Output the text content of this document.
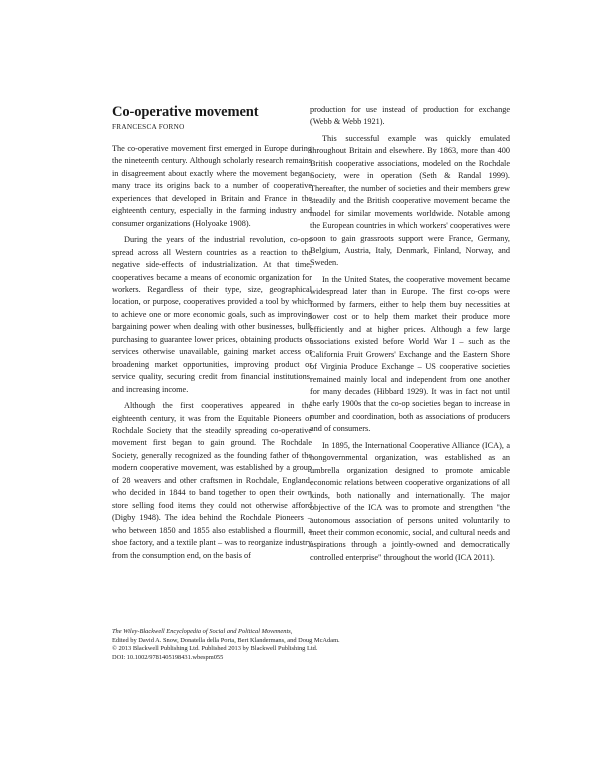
Co-operative movement
FRANCESCA FORNO

The co-operative movement first emerged in Europe during the nineteenth century. Although scholarly research remains in disagreement about exactly where the movement began, many trace its origins back to a number of cooperative experiences that developed in Britain and France in the eighteenth century, especially in the farming industry and consumer organizations (Holyoake 1908).

During the years of the industrial revolution, co-ops spread across all Western countries as a reaction to the negative side-effects of industrialization. At that time, cooperatives became a means of economic organization for workers. Regardless of their type, size, geographical location, or purpose, cooperatives provided a tool by which to achieve one or more economic goals, such as improving bargaining power when dealing with other businesses, bulk purchasing to guarantee lower prices, obtaining products or services otherwise unavailable, gaining market access or broadening market opportunities, improving product or service quality, securing credit from financial institutions, and increasing income.

Although the first cooperatives appeared in the eighteenth century, it was from the Equitable Pioneers of Rochdale Society that the steadily spreading co-operative movement first began to gain ground. The Rochdale Society, generally recognized as the founding father of the modern cooperative movement, was established by a group of 28 weavers and other craftsmen in Rochdale, England, who decided in 1844 to band together to open their own store selling food items they could not otherwise afford (Digby 1948). The idea behind the Rochdale Pioneers – who between 1850 and 1855 also established a flourmill, a shoe factory, and a textile plant – was to reorganize industry from the consumption end, on the basis of

production for use instead of production for exchange (Webb & Webb 1921).

This successful example was quickly emulated throughout Britain and elsewhere. By 1863, more than 400 British cooperative associations, modeled on the Rochdale Society, were in operation (Seth & Randal 1999). Thereafter, the number of societies and their members grew steadily and the British cooperative movement became the model for similar movements worldwide. Notable among the European countries in which workers' cooperatives were soon to gain grassroots support were France, Germany, Belgium, Austria, Italy, Denmark, Finland, Norway, and Sweden.

In the United States, the cooperative movement became widespread later than in Europe. The first co-ops were formed by farmers, either to help them buy necessities at lower cost or to help them market their produce more efficiently and at higher prices. Although a few large associations existed before World War I – such as the California Fruit Growers' Exchange and the Eastern Shore of Virginia Produce Exchange – US cooperative societies remained mainly local and independent from one another for many decades (Hibbard 1929). It was in fact not until the early 1900s that the co-op societies began to increase in number and coordination, both as associations of producers and of consumers.

In 1895, the International Cooperative Alliance (ICA), a nongovernmental organization, was established as an umbrella organization designed to promote amicable economic relations between cooperative organizations of all kinds, both nationally and internationally. The major objective of the ICA was to promote and strengthen "the autonomous association of persons united voluntarily to meet their common economic, social, and cultural needs and aspirations through a jointly-owned and democratically controlled enterprise" throughout the world (ICA 2011).

The Wiley-Blackwell Encyclopedia of Social and Political Movements,
Edited by David A. Snow, Donatella della Porta, Bert Klandermans, and Doug McAdam.
© 2013 Blackwell Publishing Ltd. Published 2013 by Blackwell Publishing Ltd.
DOI: 10.1002/9781405198431.wbespm055
